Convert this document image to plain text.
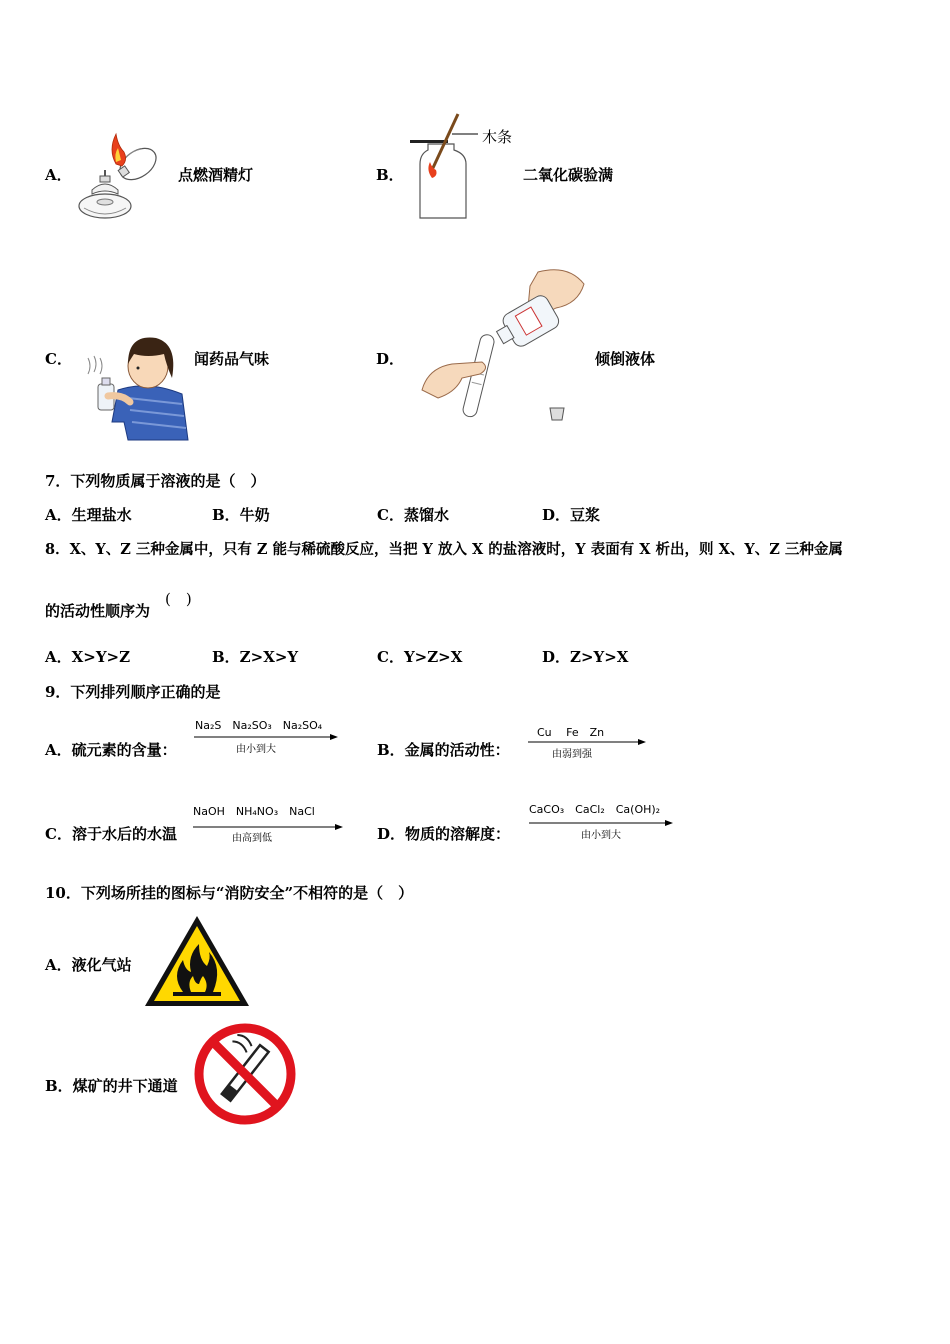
A．	点燃酒精灯	B．
木条
二氧化碳验满
C．	闻药品气味	D．	倾倒液体
7．下列物质属于溶液的是（　）
A．生理盐水	B．牛奶	C．蒸馏水	D．豆浆
8．X、Y、Z 三种金属中，只有 Z 能与稀硫酸反应，当把 Y 放入 X 的盐溶液时，Y 表面有 X 析出，则 X、Y、Z 三种金属
的活动性顺序为
(　)
A．X>Y>Z	B．Z>X>Y	C．Y>Z>X	D．Z>Y>X
9．下列排列顺序正确的是
A．硫元素的含量：
Na₂S　Na₂SO₃　Na₂SO₄
由小到大	B．金属的活动性：
Cu　 Fe　Zn
由弱到强
C．溶于水后的水温
NaOH　NH₄NO₃　NaCl
由高到低	D．物质的溶解度：
CaCO₃　CaCl₂　Ca(OH)₂
由小到大
10．下列场所挂的图标与“消防安全”不相符的是（　）
A．液化气站
B．煤矿的井下通道
